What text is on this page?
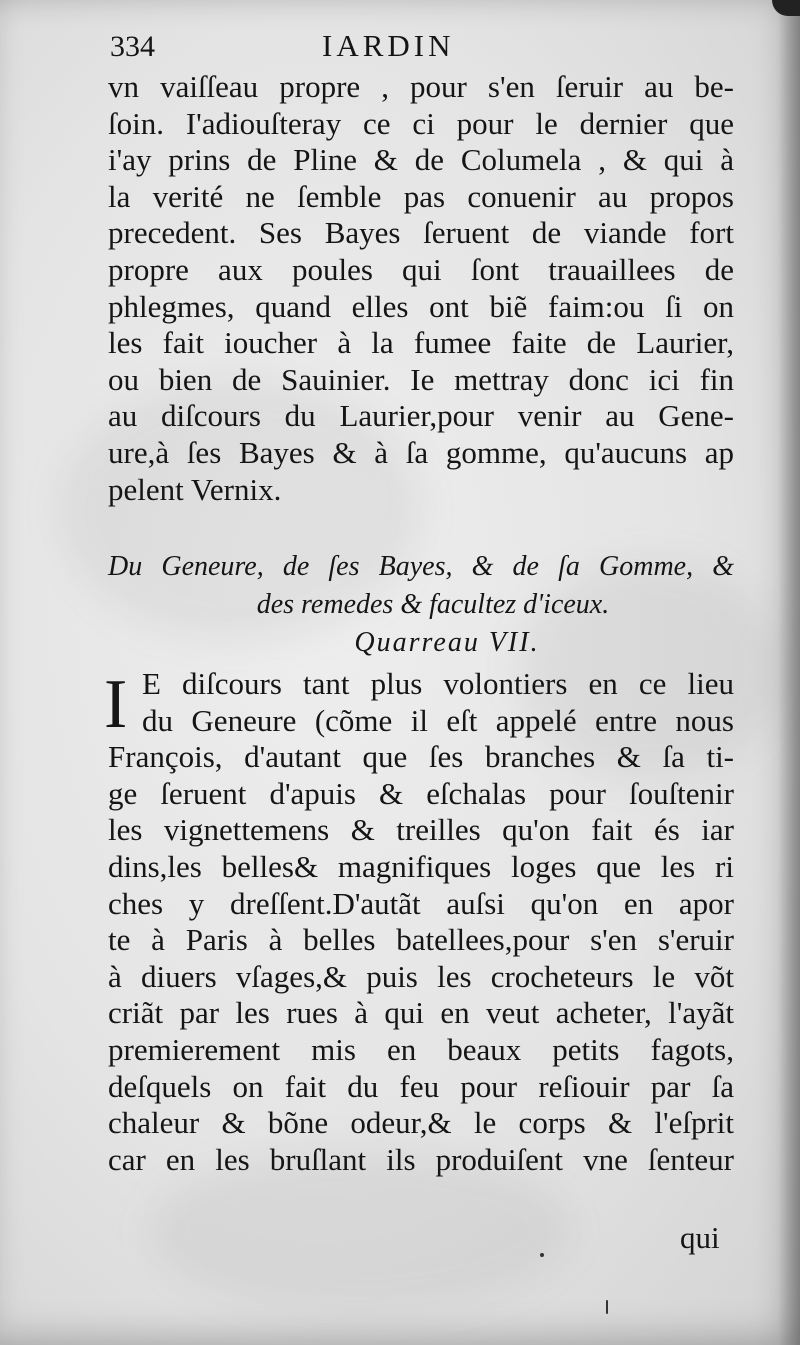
334	IARDIN
vn vaiſſeau propre , pour s'en ſeruir au be-
ſoin. I'adiouſteray ce ci pour le dernier que
i'ay prins de Pline & de Columela , & qui à
la verité ne ſemble pas conuenir au propos
precedent. Ses Bayes ſeruent de viande fort
propre aux poules qui ſont trauaillees de
phlegmes, quand elles ont biẽ faim:ou ſi on
les fait ioucher à la fumee faite de Laurier,
ou bien de Sauinier. Ie mettray donc ici fin
au diſcours du Laurier,pour venir au Gene-
ure,à ſes Bayes & à ſa gomme, qu'aucuns ap
pelent Vernix.
Du Geneure, de ſes Bayes, & de ſa Gomme, &
des remedes & facultez d'iceux.
Quarreau VII.
I E diſcours tant plus volontiers en ce lieu
du Geneure (cõme il eſt appelé entre nous
François, d'autant que ſes branches & ſa ti-
ge ſeruent d'apuis & eſchalas pour ſouſtenir
les vignettemens & treilles qu'on fait és iar
dins,les belles& magnifiques loges que les ri
ches y dreſſent.D'autãt auſsi qu'on en apor
te à Paris à belles batellees,pour s'en s'eruir
à diuers vſages,& puis les crocheteurs le võt
criãt par les rues à qui en veut acheter, l'ayãt
premierement mis en beaux petits fagots,
deſquels on fait du feu pour reſiouir par ſa
chaleur & bõne odeur,& le corps & l'eſprit
car en les bruſlant ils produiſent vne ſenteur
qui
